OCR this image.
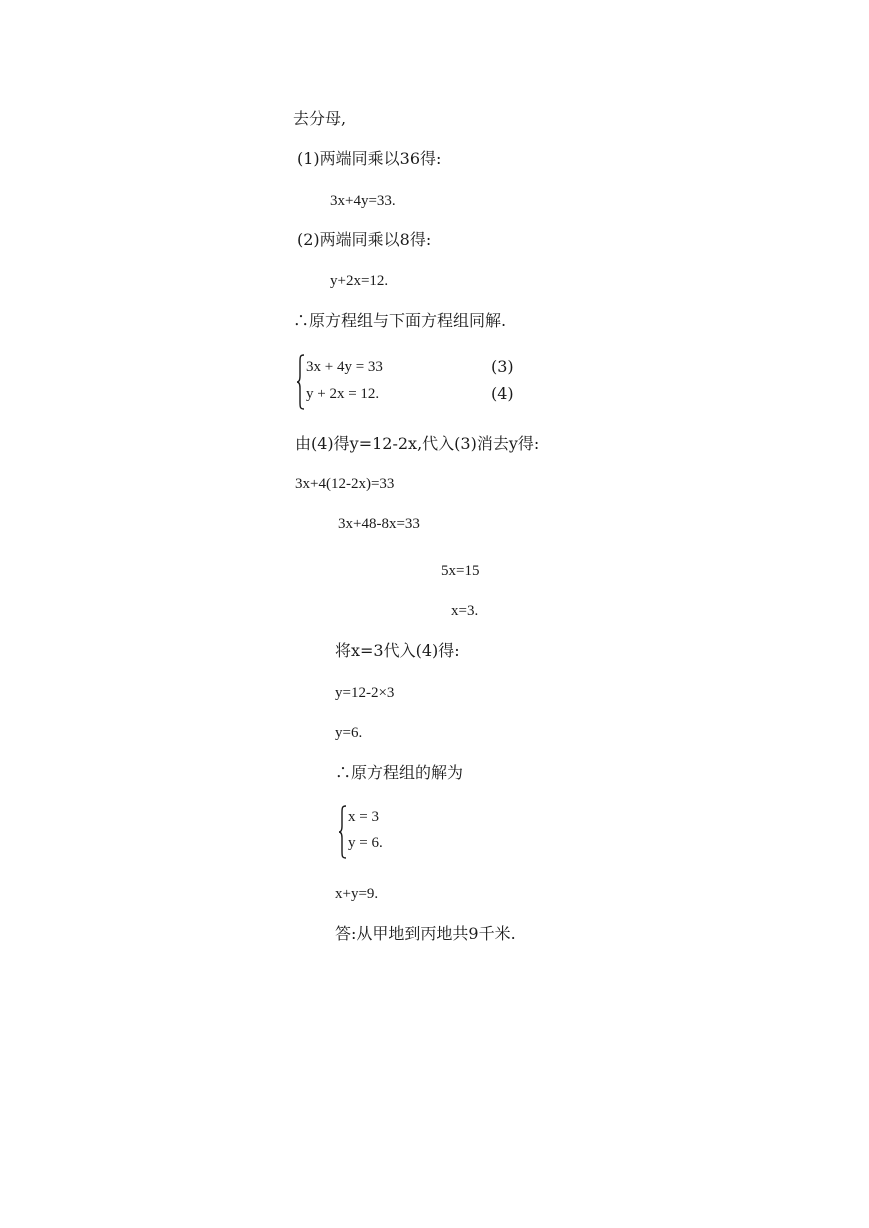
去分母,
(1)两端同乘以36得:
3x+4y=33.
(2)两端同乘以8得:
y+2x=12.
∴原方程组与下面方程组同解.
3x + 4y = 33
y + 2x = 12.
(3)
(4)
由(4)得y=12-2x,代入(3)消去y得:
3x+4(12-2x)=33
3x+48-8x=33
5x=15
x=3.
将x=3代入(4)得:
y=12-2×3
y=6.
∴原方程组的解为
x = 3
y = 6.
x+y=9.
答:从甲地到丙地共9千米.
